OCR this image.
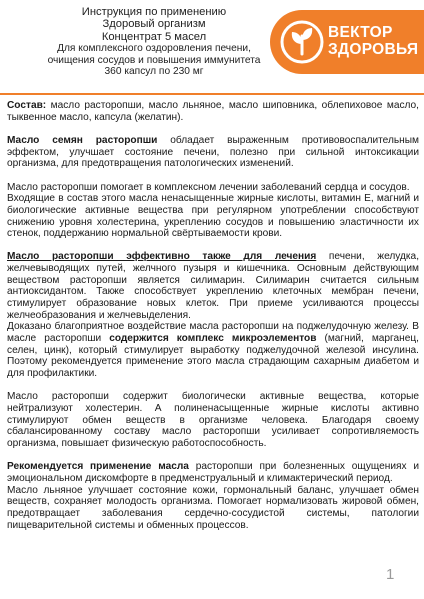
Инструкция по применению
Здоровый организм
Концентрат 5 масел
Для комплексного оздоровления печени,
очищения сосудов и повышения иммунитета
360 капсул по 230 мг
ВЕКТОР
ЗДОРОВЬЯ

Состав: масло расторопши, масло льняное, масло шиповника, облепиховое масло, тыквенное масло, капсула (желатин).

Масло семян расторопши обладает выраженным противовоспалительным эффектом, улучшает состояние печени, полезно при сильной интоксикации организма, для предотвращения патологических изменений.

Масло расторопши помогает в комплексном лечении заболеваний сердца и сосудов.

Входящие в состав этого масла ненасыщенные жирные кислоты, витамин Е, магний и биологические активные вещества при регулярном употреблении способствуют снижению уровня холестерина, укреплению сосудов и повышению эластичности их стенок, поддержанию нормальной свёртываемости крови.

Масло расторопши эффективно также для лечения печени, желудка, желчевыводящих путей, желчного пузыря и кишечника. Основным действующим веществом расторопши является силимарин. Силимарин считается сильным антиоксидантом. Также способствует укреплению клеточных мембран печени, стимулирует образование новых клеток. При приеме усиливаются процессы желчеобразования и желчевыделения.

Доказано благоприятное воздействие масла расторопши на поджелудочную железу. В масле расторопши содержится комплекс микроэлементов (магний, марганец, селен, цинк), который стимулирует выработку поджелудочной железой инсулина. Поэтому рекомендуется применение этого масла страдающим сахарным диабетом и для профилактики.

Масло расторопши содержит биологически активные вещества, которые нейтрализуют холестерин. А полиненасыщенные жирные кислоты активно стимулируют обмен веществ в организме человека. Благодаря своему сбалансированному составу масло расторопши усиливает сопротивляемость организма, повышает физическую работоспособность.

Рекомендуется применение масла расторопши при болезненных ощущениях и эмоциональном дискомфорте в предменструальный и климактерический период.

Масло льняное улучшает состояние кожи, гормональный баланс, улучшает обмен веществ, сохраняет молодость организма. Помогает нормализовать жировой обмен, предотвращает заболевания сердечно-сосудистой системы, патологии пищеварительной системы и обменных процессов.

1
